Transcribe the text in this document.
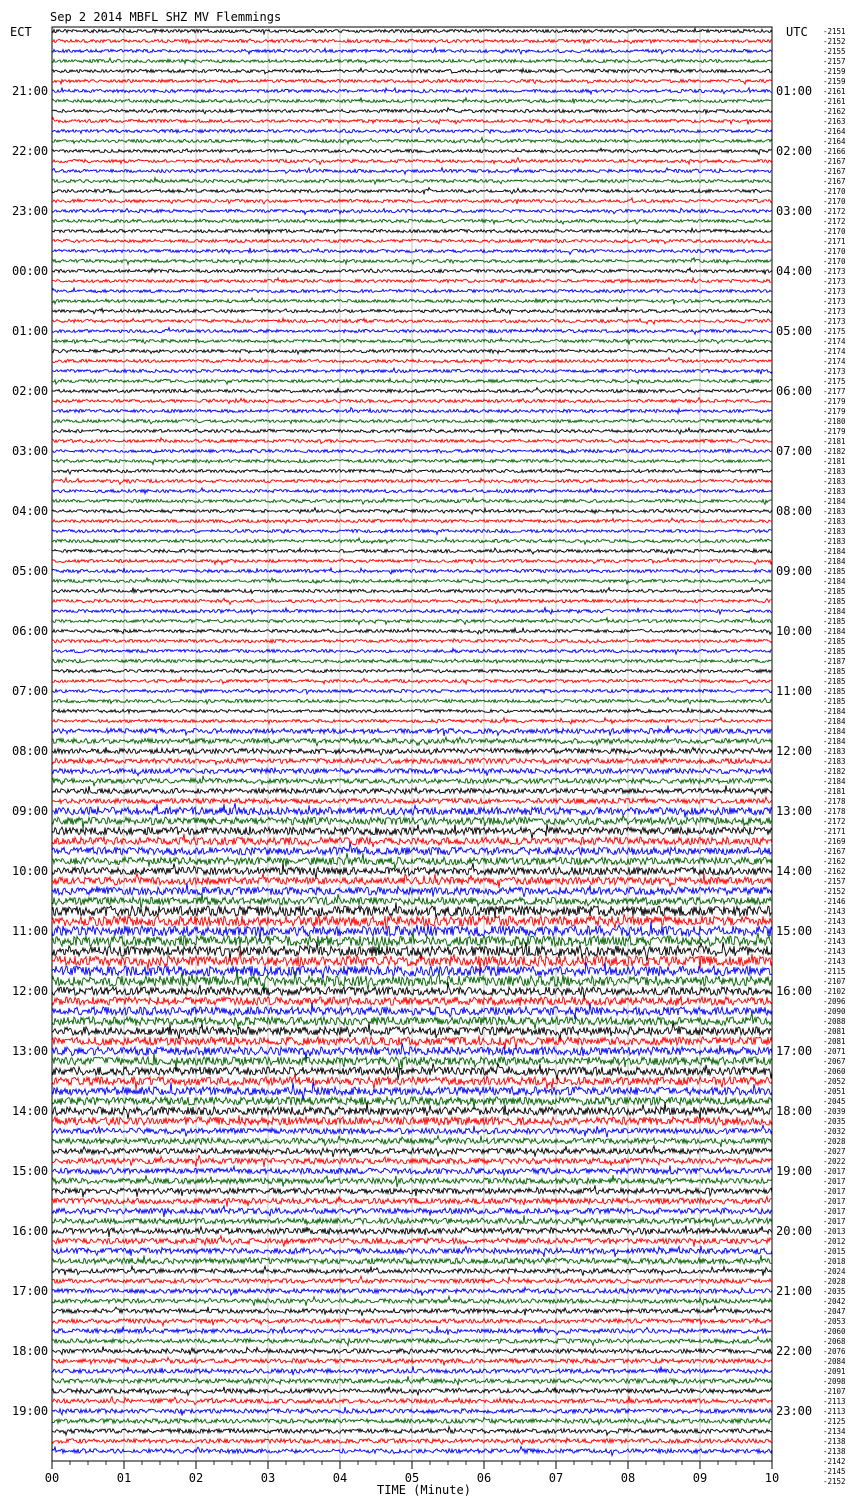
Sep 2 2014 MBFL SHZ MV Flemmings
ECT	UTC
21:00
22:00
23:00
00:00
01:00
02:00
03:00
04:00
05:00
06:00
07:00
08:00
09:00
10:00
11:00
12:00
13:00
14:00
15:00
16:00
17:00
18:00
19:00
01:00
02:00
03:00
04:00
05:00
06:00
07:00
08:00
09:00
10:00
11:00
12:00
13:00
14:00
15:00
16:00
17:00
18:00
19:00
20:00
21:00
22:00
23:00
-2151
-2152
-2155
-2157
-2159
-2159
-2161
-2161
-2162
-2163
-2164
-2164
-2166
-2167
-2167
-2167
-2170
-2170
-2172
-2172
-2170
-2171
-2170
-2170
-2173
-2173
-2173
-2173
-2173
-2173
-2175
-2174
-2174
-2174
-2173
-2175
-2177
-2179
-2179
-2180
-2179
-2181
-2182
-2181
-2183
-2183
-2183
-2184
-2183
-2183
-2183
-2183
-2184
-2184
-2185
-2184
-2185
-2185
-2184
-2185
-2184
-2185
-2185
-2187
-2185
-2185
-2185
-2185
-2184
-2184
-2184
-2184
-2183
-2183
-2182
-2184
-2181
-2178
-2178
-2172
-2171
-2169
-2167
-2162
-2162
-2157
-2152
-2146
-2143
-2143
-2143
-2143
-2143
-2143
-2115
-2107
-2102
-2096
-2090
-2088
-2081
-2081
-2071
-2067
-2060
-2052
-2051
-2045
-2039
-2035
-2032
-2028
-2027
-2022
-2017
-2017
-2017
-2017
-2017
-2017
-2013
-2012
-2015
-2018
-2024
-2028
-2035
-2042
-2047
-2053
-2060
-2068
-2076
-2084
-2091
-2098
-2107
-2113
-2113
-2125
-2134
-2138
-2138
-2142
-2145
-2152
00	01	02	03	04	05	06	07	08	09	10
TIME (Minute)
